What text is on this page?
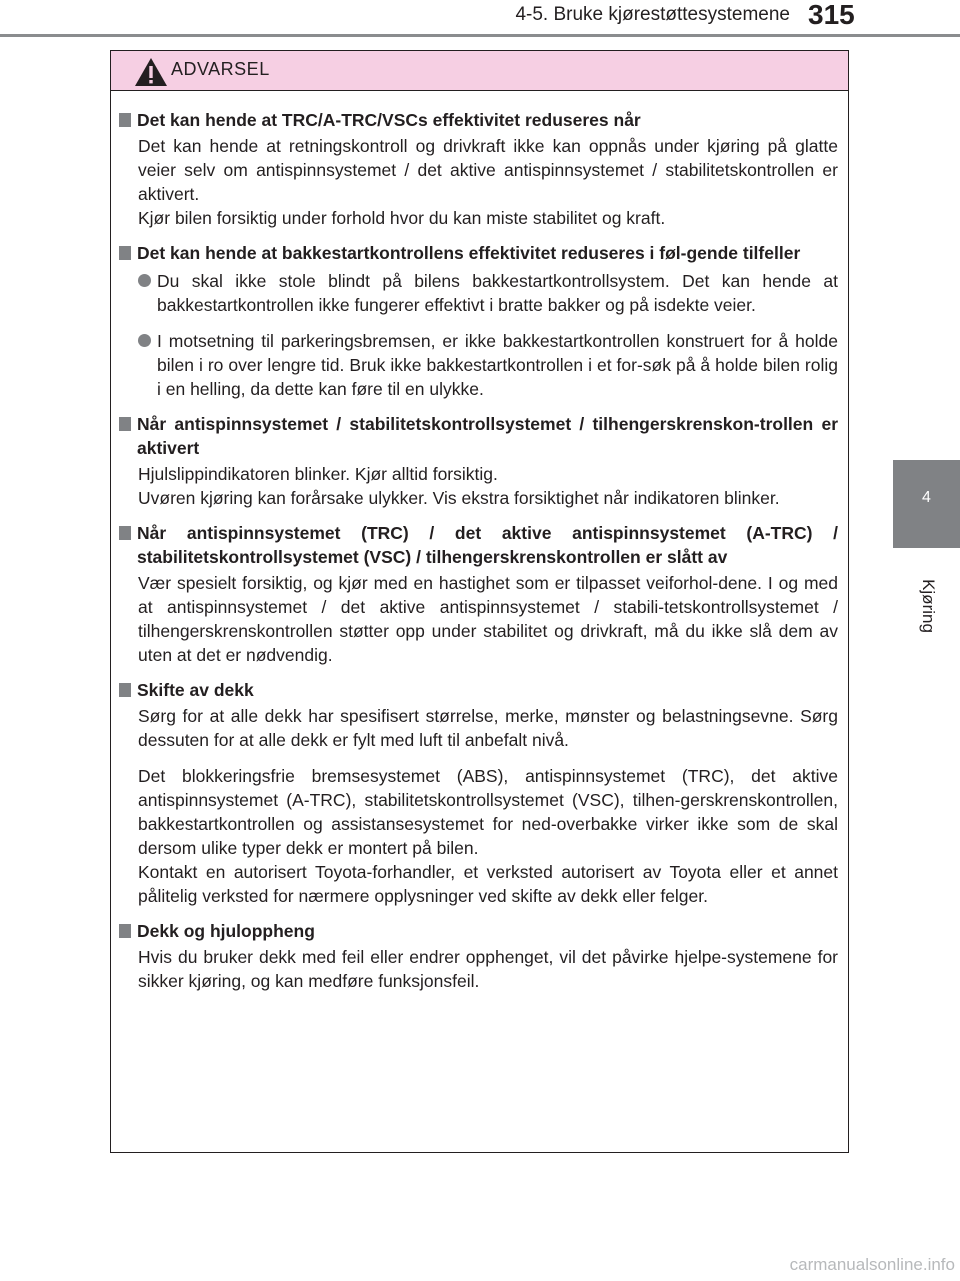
4-5. Bruke kjørestøttesystemene 315
4
Kjøring
ADVARSEL
Det kan hende at TRC/A-TRC/VSCs effektivitet reduseres når
Det kan hende at retningskontroll og drivkraft ikke kan oppnås under kjøring på glatte veier selv om antispinnsystemet / det aktive antispinnsystemet / stabilitetskontrollen er aktivert.
Kjør bilen forsiktig under forhold hvor du kan miste stabilitet og kraft.
Det kan hende at bakkestartkontrollens effektivitet reduseres i føl-gende tilfeller
Du skal ikke stole blindt på bilens bakkestartkontrollsystem. Det kan hende at bakkestartkontrollen ikke fungerer effektivt i bratte bakker og på isdekte veier.
I motsetning til parkeringsbremsen, er ikke bakkestartkontrollen konstruert for å holde bilen i ro over lengre tid. Bruk ikke bakkestartkontrollen i et for-søk på å holde bilen rolig i en helling, da dette kan føre til en ulykke.
Når antispinnsystemet / stabilitetskontrollsystemet / tilhengerskrenskon-trollen er aktivert
Hjulslippindikatoren blinker. Kjør alltid forsiktig.
Uvøren kjøring kan forårsake ulykker. Vis ekstra forsiktighet når indikatoren blinker.
Når antispinnsystemet (TRC) / det aktive antispinnsystemet (A-TRC) / stabilitetskontrollsystemet (VSC) / tilhengerskrenskontrollen er slått av
Vær spesielt forsiktig, og kjør med en hastighet som er tilpasset veiforhol-dene. I og med at antispinnsystemet / det aktive antispinnsystemet / stabili-tetskontrollsystemet / tilhengerskrenskontrollen støtter opp under stabilitet og drivkraft, må du ikke slå dem av uten at det er nødvendig.
Skifte av dekk
Sørg for at alle dekk har spesifisert størrelse, merke, mønster og belastningsevne. Sørg dessuten for at alle dekk er fylt med luft til anbefalt nivå.
Det blokkeringsfrie bremsesystemet (ABS), antispinnsystemet (TRC), det aktive antispinnsystemet (A-TRC), stabilitetskontrollsystemet (VSC), tilhen-gerskrenskontrollen, bakkestartkontrollen og assistansesystemet for ned-overbakke virker ikke som de skal dersom ulike typer dekk er montert på bilen.
Kontakt en autorisert Toyota-forhandler, et verksted autorisert av Toyota eller et annet pålitelig verksted for nærmere opplysninger ved skifte av dekk eller felger.
Dekk og hjuloppheng
Hvis du bruker dekk med feil eller endrer opphenget, vil det påvirke hjelpe-systemene for sikker kjøring, og kan medføre funksjonsfeil.
carmanualsonline.info
